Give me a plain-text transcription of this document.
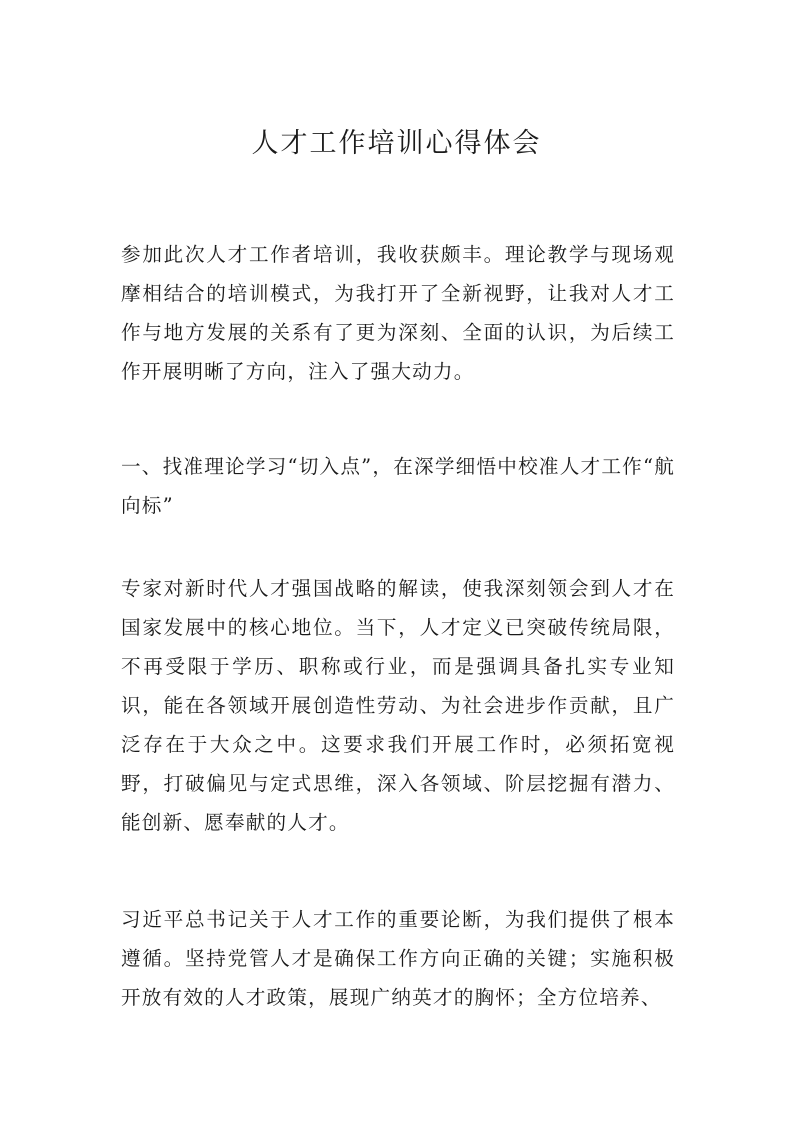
人才工作培训心得体会

参加此次人才工作者培训，我收获颇丰。理论教学与现场观摩相结合的培训模式，为我打开了全新视野，让我对人才工作与地方发展的关系有了更为深刻、全面的认识，为后续工作开展明晰了方向，注入了强大动力。

一、找准理论学习“切入点”，在深学细悟中校准人才工作“航向标”

专家对新时代人才强国战略的解读，使我深刻领会到人才在国家发展中的核心地位。当下，人才定义已突破传统局限，不再受限于学历、职称或行业，而是强调具备扎实专业知识，能在各领域开展创造性劳动、为社会进步作贡献，且广泛存在于大众之中。这要求我们开展工作时，必须拓宽视野，打破偏见与定式思维，深入各领域、阶层挖掘有潜力、能创新、愿奉献的人才。

习近平总书记关于人才工作的重要论断，为我们提供了根本遵循。坚持党管人才是确保工作方向正确的关键；实施积极开放有效的人才政策，展现广纳英才的胸怀；全方位培养、
